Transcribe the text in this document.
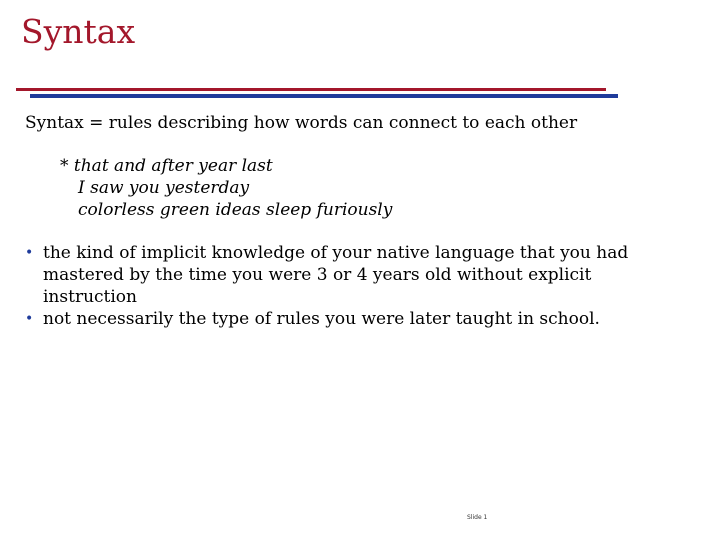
Syntax
Syntax = rules describing how words can connect to each other
* that and after year last
I saw you yesterday
colorless green ideas sleep furiously
• the kind of implicit knowledge of your native language that you had mastered by the time you were 3 or 4 years old without explicit instruction
• not necessarily the type of rules you were later taught in school.
Slide 1
